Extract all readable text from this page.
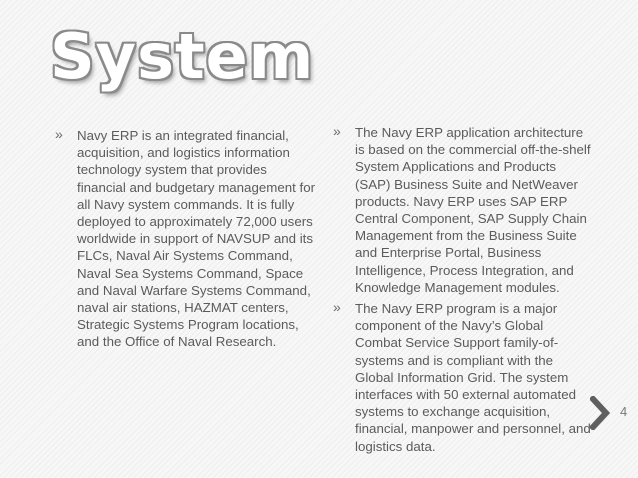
System
» Navy ERP is an integrated financial, acquisition, and logistics information technology system that provides financial and budgetary management for all Navy system commands. It is fully deployed to approximately 72,000 users worldwide in support of NAVSUP and its FLCs, Naval Air Systems Command, Naval Sea Systems Command, Space and Naval Warfare Systems Command, naval air stations, HAZMAT centers, Strategic Systems Program locations, and the Office of Naval Research.
» The Navy ERP application architecture is based on the commercial off-the-shelf System Applications and Products (SAP) Business Suite and NetWeaver products. Navy ERP uses SAP ERP Central Component, SAP Supply Chain Management from the Business Suite and Enterprise Portal, Business Intelligence, Process Integration, and Knowledge Management modules.
» The Navy ERP program is a major component of the Navy’s Global Combat Service Support family-of-systems and is compliant with the Global Information Grid. The system interfaces with 50 external automated systems to exchange acquisition, financial, manpower and personnel, and logistics data.
4
